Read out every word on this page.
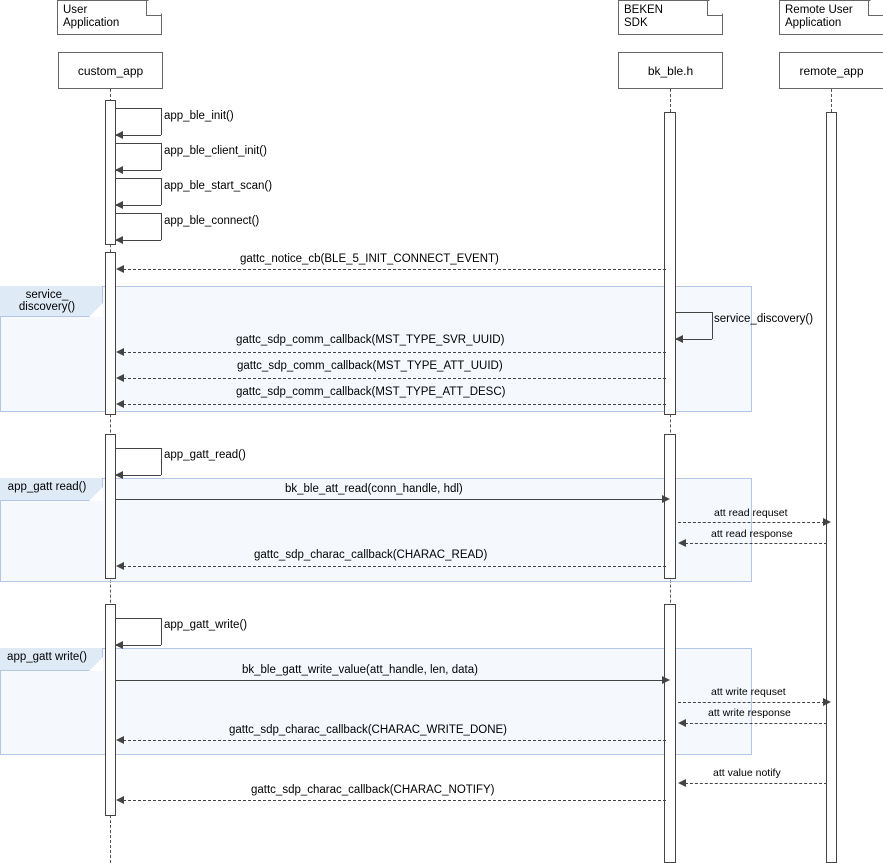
User
Application
BEKEN
SDK
Remote User
Application
custom_app	bk_ble.h	remote_app
service_
discovery()
app_gatt read()
app_gatt write()
app_ble_init()
app_ble_client_init()
app_ble_start_scan()
app_ble_connect()
app_gatt_read()
app_gatt_write()
service_discovery()
gattc_notice_cb(BLE_5_INIT_CONNECT_EVENT)
gattc_sdp_comm_callback(MST_TYPE_SVR_UUID)
gattc_sdp_comm_callback(MST_TYPE_ATT_UUID)
gattc_sdp_comm_callback(MST_TYPE_ATT_DESC)
bk_ble_att_read(conn_handle, hdl)
att read requset
att read response
gattc_sdp_charac_callback(CHARAC_READ)
bk_ble_gatt_write_value(att_handle, len, data)
att write requset
att write response
gattc_sdp_charac_callback(CHARAC_WRITE_DONE)
att value notify
gattc_sdp_charac_callback(CHARAC_NOTIFY)
